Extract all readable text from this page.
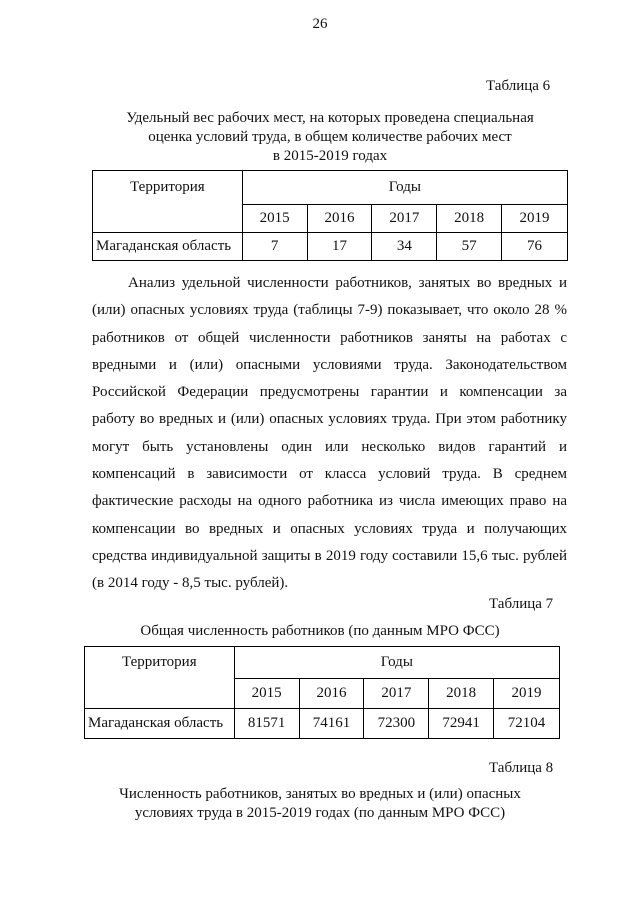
26
Таблица 6
Удельный вес рабочих мест, на которых проведена специальная
оценка условий труда, в общем количестве рабочих мест
в 2015-2019 годах
Территория	Годы				
	2015	2016	2017	2018	2019
Магаданская область	7	17	34	57	76

Анализ удельной численности работников, занятых во вредных и (или) опасных условиях труда (таблицы 7-9) показывает, что около 28 % работников от общей численности работников заняты на работах с вредными и (или) опасными условиями труда. Законодательством Российской Федерации предусмотрены гарантии и компенсации за работу во вредных и (или) опасных условиях труда. При этом работнику могут быть установлены один или несколько видов гарантий и компенсаций в зависимости от класса условий труда. В среднем фактические расходы на одного работника из числа имеющих право на компенсации во вредных и опасных условиях труда и получающих средства индивидуальной защиты в 2019 году составили 15,6 тыс. рублей (в 2014 году - 8,5 тыс. рублей).

Таблица 7
Общая численность работников (по данным МРО ФСС)
Территория	Годы				
	2015	2016	2017	2018	2019
Магаданская область	81571	74161	72300	72941	72104
Таблица 8
Численность работников, занятых во вредных и (или) опасных
условиях труда в 2015-2019 годах (по данным МРО ФСС)
